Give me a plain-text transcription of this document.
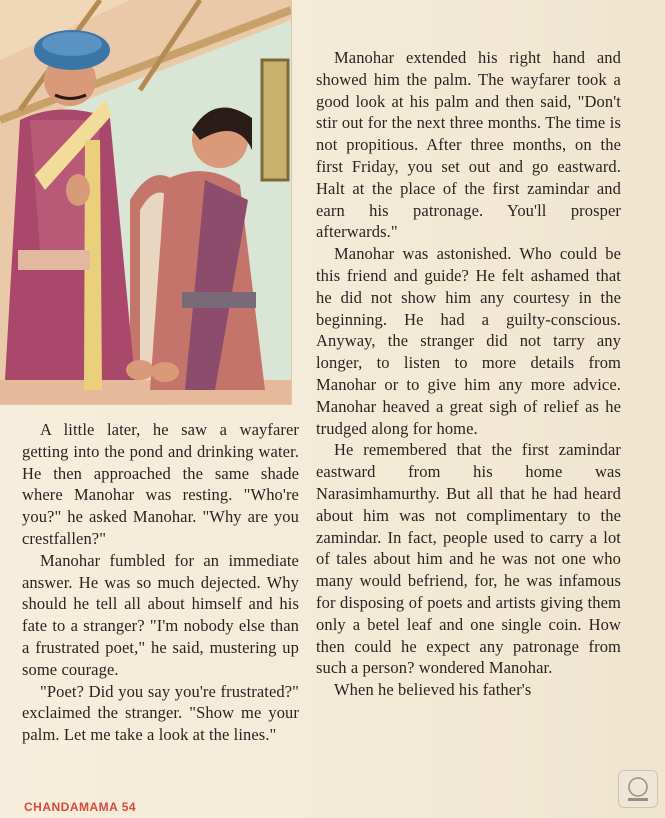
A little later, he saw a wayfarer getting into the pond and drinking water. He then approached the same shade where Manohar was resting. "Who're you?" he asked Manohar. "Why are you crestfallen?"

Manohar fumbled for an immediate answer. He was so much dejected. Why should he tell all about himself and his fate to a stranger? "I'm nobody else than a frustrated poet," he said, mustering up some courage.

"Poet? Did you say you're frustrated?" exclaimed the stranger. "Show me your palm. Let me take a look at the lines."

Manohar extended his right hand and showed him the palm. The wayfarer took a good look at his palm and then said, "Don't stir out for the next three months. The time is not propitious. After three months, on the first Friday, you set out and go eastward. Halt at the place of the first zamindar and earn his patronage. You'll prosper afterwards."

Manohar was astonished. Who could be this friend and guide? He felt ashamed that he did not show him any courtesy in the beginning. He had a guilty-conscious. Anyway, the stranger did not tarry any longer, to listen to more details from Manohar or to give him any more advice. Manohar heaved a great sigh of relief as he trudged along for home.

He remembered that the first zamindar eastward from his home was Narasimhamurthy. But all that he had heard about him was not complimentary to the zamindar. In fact, people used to carry a lot of tales about him and he was not one who many would befriend, for, he was infamous for disposing of poets and artists giving them only a betel leaf and one single coin. How then could he expect any patronage from such a person? wondered Manohar.

When he believed his father's

CHANDAMAMA 54
